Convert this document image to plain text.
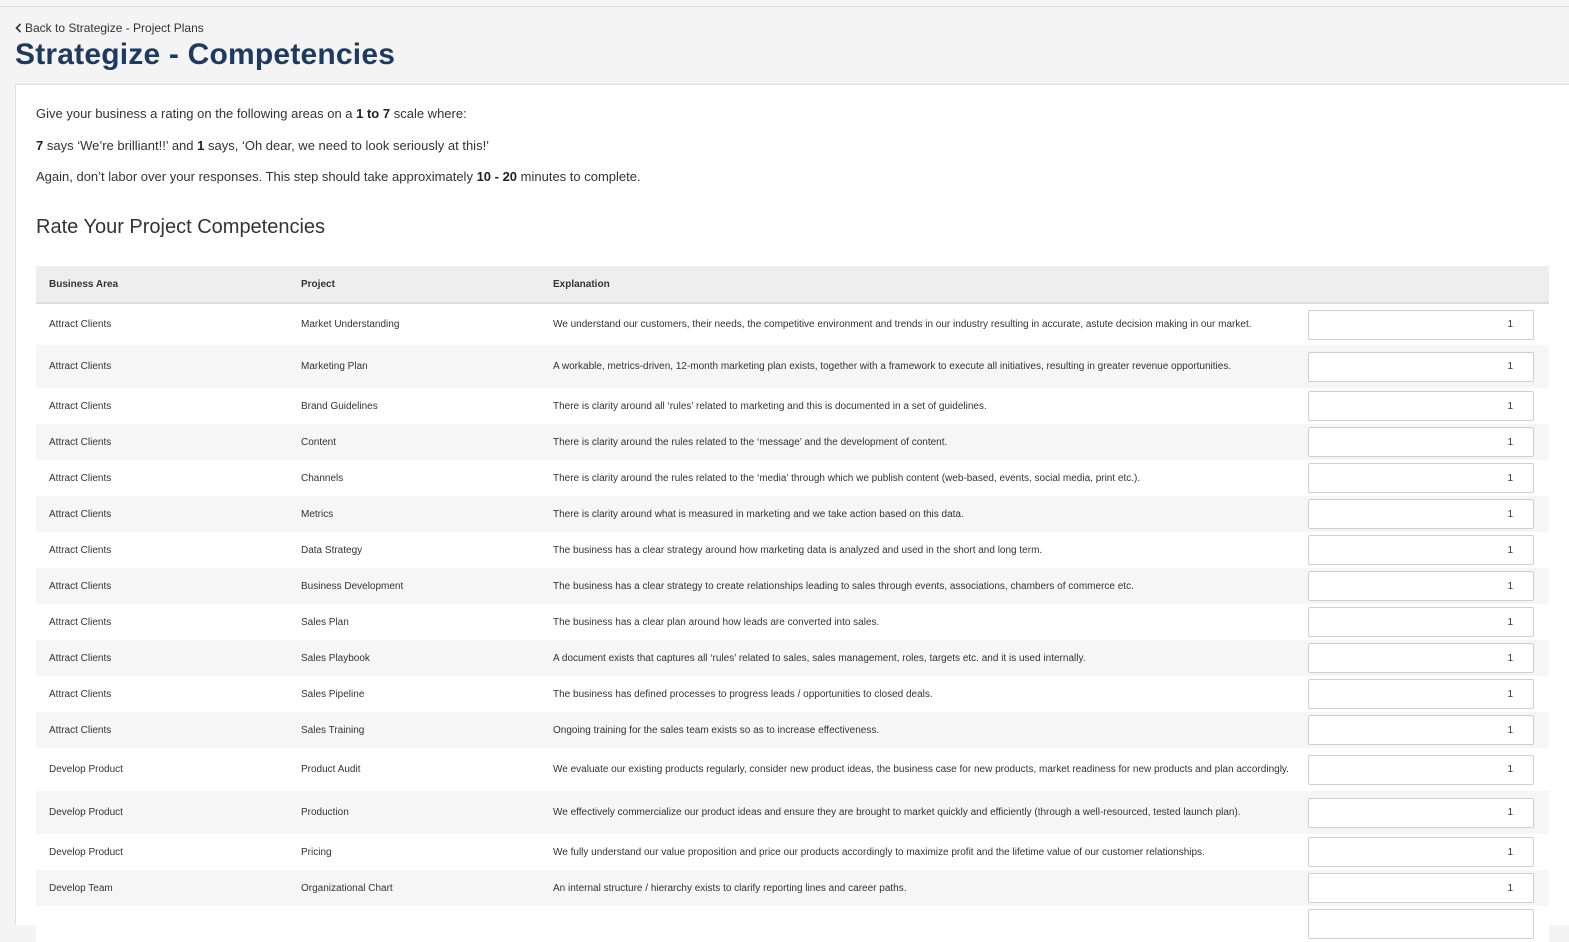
Back to Strategize - Project Plans
Strategize - Competencies

Give your business a rating on the following areas on a 1 to 7 scale where:

7 says ‘We’re brilliant!!’ and 1 says, ‘Oh dear, we need to look seriously at this!’

Again, don’t labor over your responses. This step should take approximately 10 - 20 minutes to complete.

Rate Your Project Competencies
Business Area	Project	Explanation	
Attract Clients	Market Understanding	We understand our customers, their needs, the competitive environment and trends in our industry resulting in accurate, astute decision making in our market.	1
Attract Clients	Marketing Plan	A workable, metrics-driven, 12-month marketing plan exists, together with a framework to execute all initiatives, resulting in greater revenue opportunities.	1
Attract Clients	Brand Guidelines	There is clarity around all ‘rules’ related to marketing and this is documented in a set of guidelines.	1
Attract Clients	Content	There is clarity around the rules related to the ‘message’ and the development of content.	1
Attract Clients	Channels	There is clarity around the rules related to the ‘media’ through which we publish content (web-based, events, social media, print etc.).	1
Attract Clients	Metrics	There is clarity around what is measured in marketing and we take action based on this data.	1
Attract Clients	Data Strategy	The business has a clear strategy around how marketing data is analyzed and used in the short and long term.	1
Attract Clients	Business Development	The business has a clear strategy to create relationships leading to sales through events, associations, chambers of commerce etc.	1
Attract Clients	Sales Plan	The business has a clear plan around how leads are converted into sales.	1
Attract Clients	Sales Playbook	A document exists that captures all ‘rules’ related to sales, sales management, roles, targets etc. and it is used internally.	1
Attract Clients	Sales Pipeline	The business has defined processes to progress leads / opportunities to closed deals.	1
Attract Clients	Sales Training	Ongoing training for the sales team exists so as to increase effectiveness.	1
Develop Product	Product Audit	We evaluate our existing products regularly, consider new product ideas, the business case for new products, market readiness for new products and plan accordingly.	1
Develop Product	Production	We effectively commercialize our product ideas and ensure they are brought to market quickly and efficiently (through a well-resourced, tested launch plan).	1
Develop Product	Pricing	We fully understand our value proposition and price our products accordingly to maximize profit and the lifetime value of our customer relationships.	1
Develop Team	Organizational Chart	An internal structure / hierarchy exists to clarify reporting lines and career paths.	1
